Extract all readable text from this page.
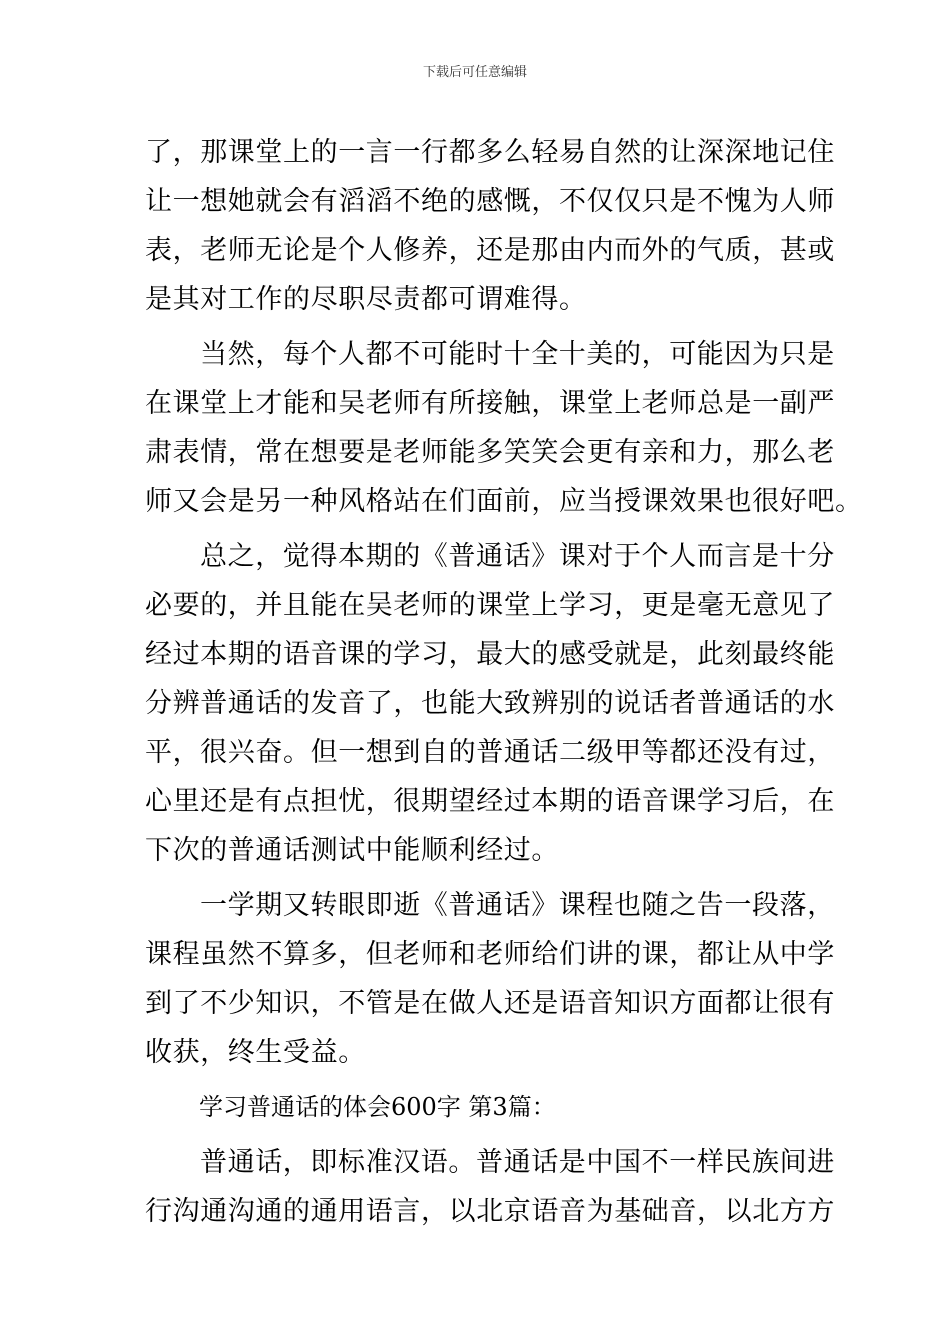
下载后可任意编辑

了，那课堂上的一言一行都多么轻易自然的让深深地记住
让一想她就会有滔滔不绝的感慨，不仅仅只是不愧为人师
表，老师无论是个人修养，还是那由内而外的气质，甚或
是其对工作的尽职尽责都可谓难得。

当然，每个人都不可能时十全十美的，可能因为只是
在课堂上才能和吴老师有所接触，课堂上老师总是一副严
肃表情，常在想要是老师能多笑笑会更有亲和力，那么老
师又会是另一种风格站在们面前，应当授课效果也很好吧。

总之，觉得本期的《普通话》课对于个人而言是十分
必要的，并且能在吴老师的课堂上学习，更是毫无意见了
经过本期的语音课的学习，最大的感受就是，此刻最终能
分辨普通话的发音了，也能大致辨别的说话者普通话的水
平，很兴奋。但一想到自的普通话二级甲等都还没有过，
心里还是有点担忧，很期望经过本期的语音课学习后，在
下次的普通话测试中能顺利经过。

一学期又转眼即逝《普通话》课程也随之告一段落，
课程虽然不算多，但老师和老师给们讲的课，都让从中学
到了不少知识，不管是在做人还是语音知识方面都让很有
收获，终生受益。

学习普通话的体会600字 第3篇：

普通话，即标准汉语。普通话是中国不一样民族间进
行沟通沟通的通用语言，以北京语音为基础音，以北方方
